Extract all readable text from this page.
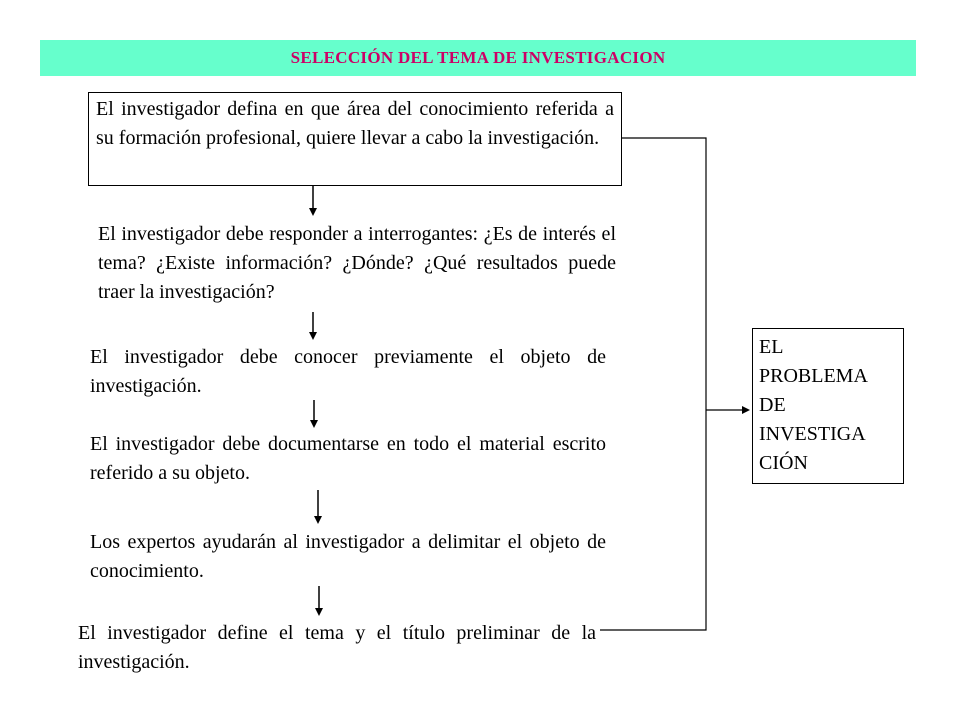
SELECCIÓN DEL TEMA DE INVESTIGACION
El investigador defina en que área del conocimiento referida a su formación profesional, quiere llevar a cabo la investigación.
El investigador debe responder a interrogantes: ¿Es de interés el tema? ¿Existe información? ¿Dónde? ¿Qué resultados puede traer la investigación?
El investigador debe conocer previamente el objeto de investigación.
El investigador debe documentarse en todo el material escrito referido a su objeto.
Los expertos ayudarán al investigador a delimitar el objeto de conocimiento.
El investigador define el tema y el título preliminar de la investigación.
EL
PROBLEMA
DE
INVESTIGA
CIÓN
